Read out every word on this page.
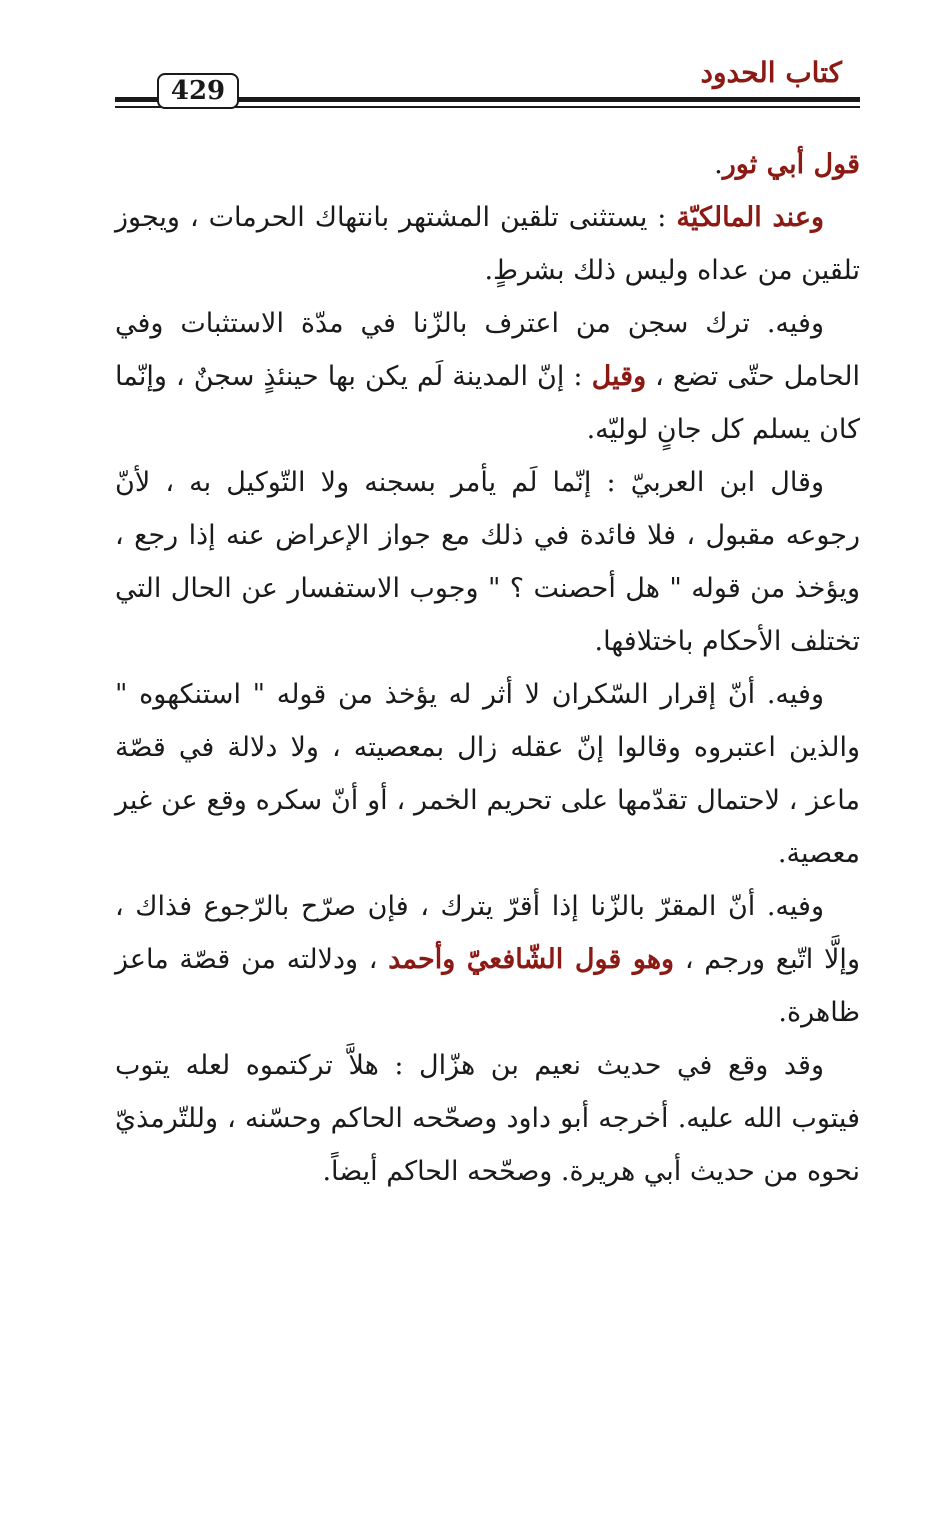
كتاب الحدود
429

قول أبي ثور.

وعند المالكيّة : يستثنى تلقين المشتهر بانتهاك الحرمات ، ويجوز تلقين من عداه وليس ذلك بشرطٍ.

وفيه. ترك سجن من اعترف بالزّنا في مدّة الاستثبات وفي الحامل حتّى تضع ، وقيل : إنّ المدينة لَم يكن بها حينئذٍ سجنٌ ، وإنّما كان يسلم كل جانٍ لوليّه.

وقال ابن العربيّ : إنّما لَم يأمر بسجنه ولا التّوكيل به ، لأنّ رجوعه مقبول ، فلا فائدة في ذلك مع جواز الإعراض عنه إذا رجع ، ويؤخذ من قوله " هل أحصنت ؟ " وجوب الاستفسار عن الحال التي تختلف الأحكام باختلافها.

وفيه. أنّ إقرار السّكران لا أثر له يؤخذ من قوله " استنكهوه " والذين اعتبروه وقالوا إنّ عقله زال بمعصيته ، ولا دلالة في قصّة ماعز ، لاحتمال تقدّمها على تحريم الخمر ، أو أنّ سكره وقع عن غير معصية.

وفيه. أنّ المقرّ بالزّنا إذا أقرّ يترك ، فإن صرّح بالرّجوع فذاك ، وإلَّا اتّبع ورجم ، وهو قول الشّافعيّ وأحمد ، ودلالته من قصّة ماعز ظاهرة.

وقد وقع في حديث نعيم بن هزّال : هلاَّ تركتموه لعله يتوب فيتوب الله عليه. أخرجه أبو داود وصحّحه الحاكم وحسّنه ، وللتّرمذيّ نحوه من حديث أبي هريرة. وصحّحه الحاكم أيضاً.
